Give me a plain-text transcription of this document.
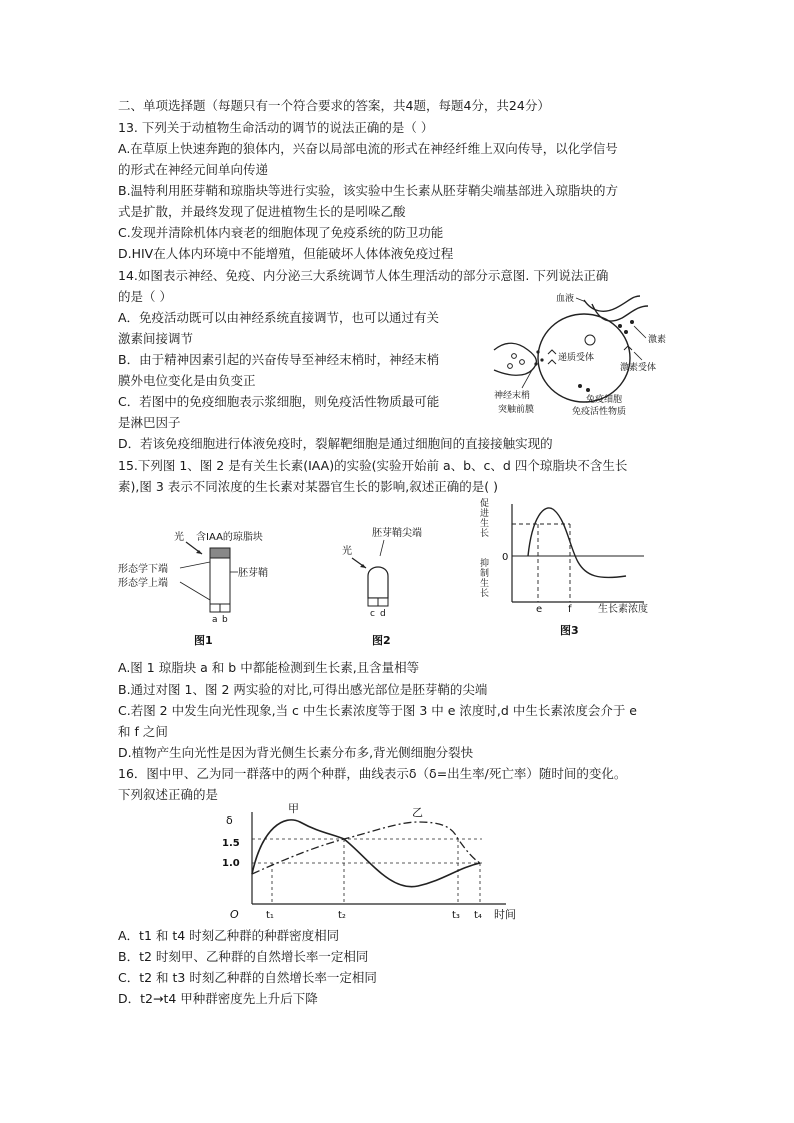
二、单项选择题（每题只有一个符合要求的答案，共4题，每题4分，共24分）
13. 下列关于动植物生命活动的调节的说法正确的是（ ）
A.在草原上快速奔跑的狼体内，兴奋以局部电流的形式在神经纤维上双向传导，以化学信号
的形式在神经元间单向传递
B.温特利用胚芽鞘和琼脂块等进行实验，该实验中生长素从胚芽鞘尖端基部进入琼脂块的方
式是扩散，并最终发现了促进植物生长的是吲哚乙酸
C.发现并清除机体内衰老的细胞体现了免疫系统的防卫功能
D.HIV在人体内环境中不能增殖，但能破坏人体体液免疫过程
14.如图表示神经、免疫、内分泌三大系统调节人体生理活动的部分示意图. 下列说法正确
的是（ ）
A．免疫活动既可以由神经系统直接调节，也可以通过有关
激素间接调节
B．由于精神因素引起的兴奋传导至神经末梢时，神经末梢
膜外电位变化是由负变正
C．若图中的免疫细胞表示浆细胞，则免疫活性物质最可能
是淋巴因子
D．若该免疫细胞进行体液免疫时，裂解靶细胞是通过细胞间的直接接触实现的
血液
激素
递质受体
激素受体
免疫细胞
神经末梢
突触前膜	免疫活性物质
15.下列图 1、图 2 是有关生长素(IAA)的实验(实验开始前 a、b、c、d 四个琼脂块不含生长
素),图 3 表示不同浓度的生长素对某器官生长的影响,叙述正确的是( )
光 含IAA的琼脂块
胚芽鞘
形态学下端
形态学上端
a b
图1
胚芽鞘尖端
光
c d
图2
0
促进生长
抑制生长
e	f	生长素浓度
图3
A.图 1 琼脂块 a 和 b 中都能检测到生长素,且含量相等
B.通过对图 1、图 2 两实验的对比,可得出感光部位是胚芽鞘的尖端
C.若图 2 中发生向光性现象,当 c 中生长素浓度等于图 3 中 e 浓度时,d 中生长素浓度会介于 e
和 f 之间
D.植物产生向光性是因为背光侧生长素分布多,背光侧细胞分裂快
16．图中甲、乙为同一群落中的两个种群，曲线表示δ（δ=出生率/死亡率）随时间的变化。
下列叙述正确的是
δ
1.5
1.0
甲	乙
O	t₁	t₂	t₃ t₄ 时间
A．t1 和 t4 时刻乙种群的种群密度相同
B．t2 时刻甲、乙种群的自然增长率一定相同
C．t2 和 t3 时刻乙种群的自然增长率一定相同
D．t2→t4 甲种群密度先上升后下降
